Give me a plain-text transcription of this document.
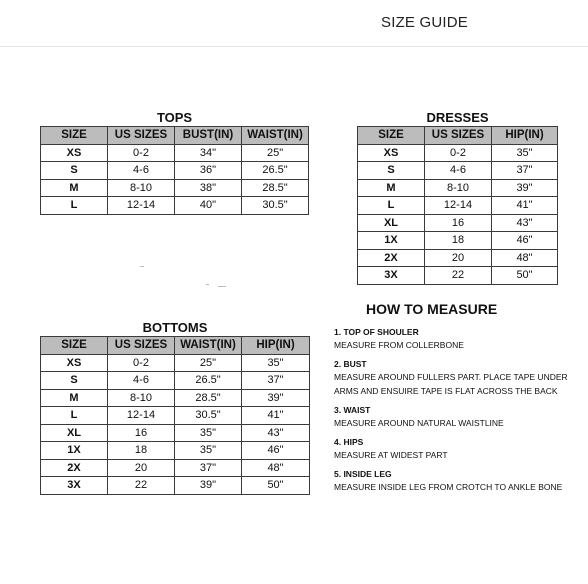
SIZE GUIDE
TOPS			
SIZE	US SIZES	BUST(IN)	WAIST(IN)
XS	0-2	34"	25"
S	4-6	36"	26.5"
M	8-10	38"	28.5"
L	12-14	40"	30.5"
DRESSES		
SIZE	US SIZES	HIP(IN)
XS	0-2	35"
S	4-6	37"
M	8-10	39"
L	12-14	41"
XL	16	43"
1X	18	46"
2X	20	48"
3X	22	50"
BOTTOMS			
SIZE	US SIZES	WAIST(IN)	HIP(IN)
XS	0-2	25"	35"
S	4-6	26.5"	37"
M	8-10	28.5"	39"
L	12-14	30.5"	41"
XL	16	35"	43"
1X	18	35"	46"
2X	20	37"	48"
3X	22	39"	50"
HOW TO MEASURE
1. TOP OF SHOULER
MEASURE FROM COLLERBONE
2. BUST
MEASURE AROUND FULLERS PART. PLACE TAPE UNDER
ARMS AND ENSUIRE TAPE IS FLAT ACROSS THE BACK
3. WAIST
MEASURE AROUND NATURAL WAISTLINE
4. HIPS
MEASURE AT WIDEST PART
5. INSIDE LEG
MEASURE INSIDE LEG FROM CROTCH TO ANKLE BONE
